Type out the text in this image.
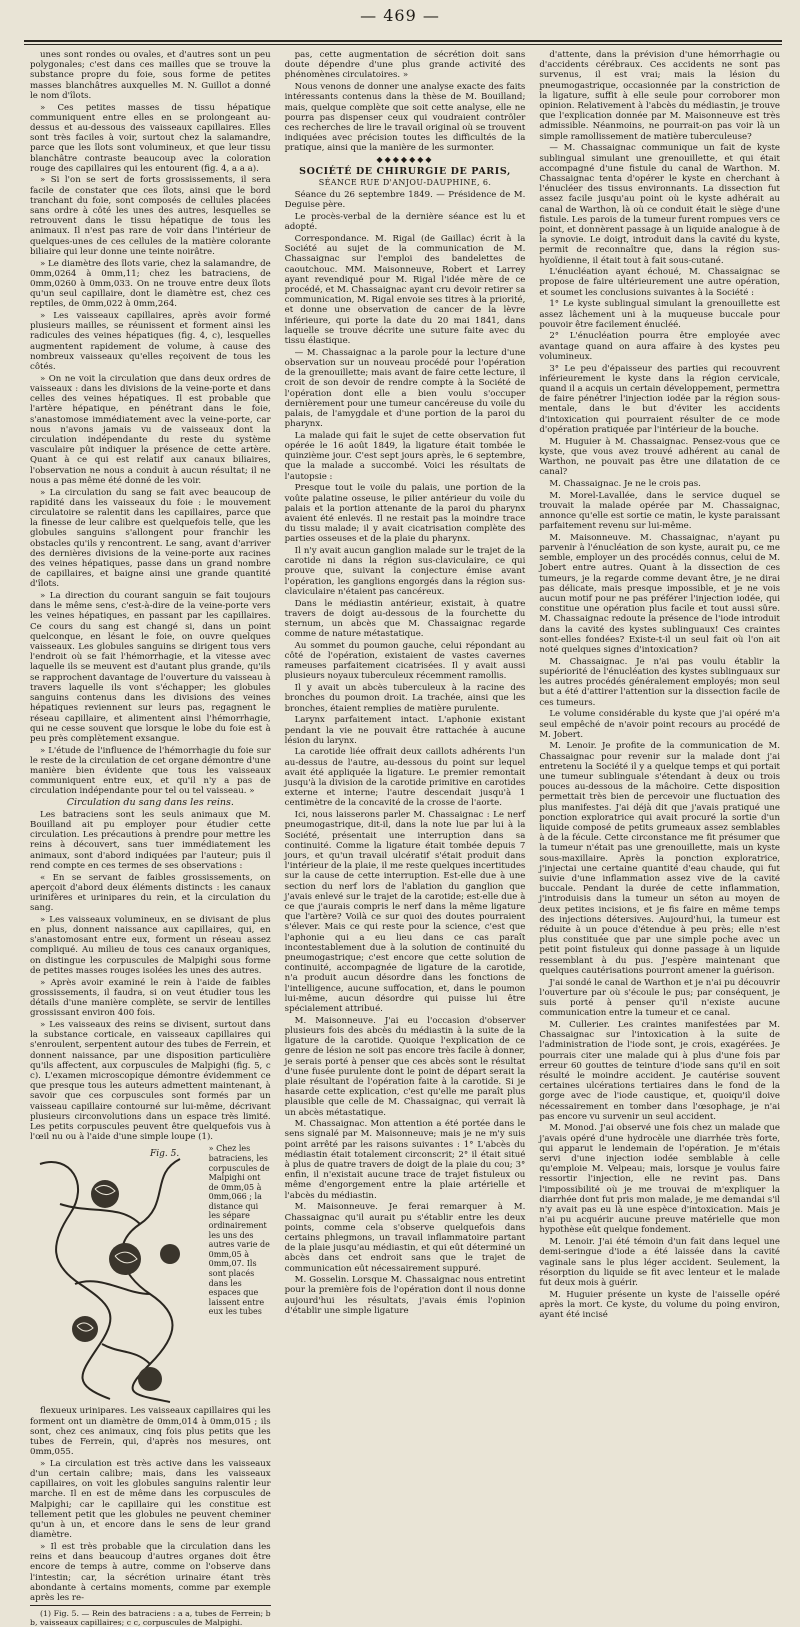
— 469 —

unes sont rondes ou ovales, et d'autres sont un peu polygonales; c'est dans ces mailles que se trouve la substance propre du foie, sous forme de petites masses blanchâtres auxquelles M. N. Guillot a donné le nom d'îlots.

» Ces petites masses de tissu hépatique communiquent entre elles en se prolongeant au-dessus et au-dessous des vaisseaux capillaires. Elles sont très faciles à voir, surtout chez la salamandre, parce que les îlots sont volumineux, et que leur tissu blanchâtre contraste beaucoup avec la coloration rouge des capillaires qui les entourent (fig. 4, a a a).

» Si l'on se sert de forts grossissements, il sera facile de constater que ces îlots, ainsi que le bord tranchant du foie, sont composés de cellules placées sans ordre à côté les unes des autres, lesquelles se retrouvent dans le tissu hépatique de tous les animaux. Il n'est pas rare de voir dans l'intérieur de quelques-unes de ces cellules de la matière colorante biliaire qui leur donne une teinte noirâtre.

» Le diamètre des îlots varie, chez la salamandre, de 0mm,0264 à 0mm,11; chez les batraciens, de 0mm,0260 à 0mm,033. On ne trouve entre deux îlots qu'un seul capillaire, dont le diamètre est, chez ces reptiles, de 0mm,022 à 0mm,264.

» Les vaisseaux capillaires, après avoir formé plusieurs mailles, se réunissent et forment ainsi les radicules des veines hépatiques (fig. 4, c), lesquelles augmentent rapidement de volume, à cause des nombreux vaisseaux qu'elles reçoivent de tous les côtés.

» On ne voit la circulation que dans deux ordres de vaisseaux : dans les divisions de la veine-porte et dans celles des veines hépatiques. Il est probable que l'artère hépatique, en pénétrant dans le foie, s'anastomose immédiatement avec la veine-porte, car nous n'avons jamais vu de vaisseaux dont la circulation indépendante du reste du système vasculaire pût indiquer la présence de cette artère. Quant à ce qui est relatif aux canaux biliaires, l'observation ne nous a conduit à aucun résultat; il ne nous a pas même été donné de les voir.

» La circulation du sang se fait avec beaucoup de rapidité dans les vaisseaux du foie : le mouvement circulatoire se ralentit dans les capillaires, parce que la finesse de leur calibre est quelquefois telle, que les globules sanguins s'allongent pour franchir les obstacles qu'ils y rencontrent. Le sang, avant d'arriver des dernières divisions de la veine-porte aux racines des veines hépatiques, passe dans un grand nombre de capillaires, et baigne ainsi une grande quantité d'îlots.

» La direction du courant sanguin se fait toujours dans le même sens, c'est-à-dire de la veine-porte vers les veines hépatiques, en passant par les capillaires. Ce cours du sang est changé si, dans un point quelconque, en lésant le foie, on ouvre quelques vaisseaux. Les globules sanguins se dirigent tous vers l'endroit où se fait l'hémorrhagie, et la vitesse avec laquelle ils se meuvent est d'autant plus grande, qu'ils se rapprochent davantage de l'ouverture du vaisseau à travers laquelle ils vont s'échapper; les globules sanguins contenus dans les divisions des veines hépatiques reviennent sur leurs pas, regagnent le réseau capillaire, et alimentent ainsi l'hémorrhagie, qui ne cesse souvent que lorsque le lobe du foie est à peu près complètement exsangue.

» L'étude de l'influence de l'hémorrhagie du foie sur le reste de la circulation de cet organe démontre d'une manière bien évidente que tous les vaisseaux communiquent entre eux, et qu'il n'y a pas de circulation indépendante pour tel ou tel vaisseau. »

Circulation du sang dans les reins.

Les batraciens sont les seuls animaux que M. Bouilland ait pu employer pour étudier cette circulation. Les précautions à prendre pour mettre les reins à découvert, sans tuer immédiatement les animaux, sont d'abord indiquées par l'auteur; puis il rend compte en ces termes de ses observations :

« En se servant de faibles grossissements, on aperçoit d'abord deux éléments distincts : les canaux urinifères et urinipares du rein, et la circulation du sang.

» Les vaisseaux volumineux, en se divisant de plus en plus, donnent naissance aux capillaires, qui, en s'anastomosant entre eux, forment un réseau assez compliqué. Au milieu de tous ces canaux organiques, on distingue les corpuscules de Malpighi sous forme de petites masses rouges isolées les unes des autres.

» Après avoir examiné le rein à l'aide de faibles grossissements, il faudra, si on veut étudier tous les détails d'une manière complète, se servir de lentilles grossissant environ 400 fois.

» Les vaisseaux des reins se divisent, surtout dans la substance corticale, en vaisseaux capillaires qui s'enroulent, serpentent autour des tubes de Ferrein, et donnent naissance, par une disposition particulière qu'ils affectent, aux corpuscules de Malpighi (fig. 5, c c). L'examen microscopique démontre évidemment ce que presque tous les auteurs admettent maintenant, à savoir que ces corpuscules sont formés par un vaisseau capillaire contourné sur lui-même, décrivant plusieurs circonvolutions dans un espace très limité. Les petits corpuscules peuvent être quelquefois vus à l'œil nu ou à l'aide d'une simple loupe (1).

Fig. 5.
» Chez les batraciens, les corpuscules de Malpighi ont de 0mm,05 à 0mm,066 ; la distance qui les sépare ordinairement les uns des autres varie de 0mm,05 à 0mm,07. Ils sont placés dans les espaces que laissent entre eux les tubes

flexueux urinipares. Les vaisseaux capillaires qui les forment ont un diamètre de 0mm,014 à 0mm,015 ; ils sont, chez ces animaux, cinq fois plus petits que les tubes de Ferrein, qui, d'après nos mesures, ont 0mm,055.

» La circulation est très active dans les vaisseaux d'un certain calibre; mais, dans les vaisseaux capillaires, on voit les globules sanguins ralentir leur marche. Il en est de même dans les corpuscules de Malpighi; car le capillaire qui les constitue est tellement petit que les globules ne peuvent cheminer qu'un à un, et encore dans le sens de leur grand diamètre.

» Il est très probable que la circulation dans les reins et dans beaucoup d'autres organes doit être encore de temps à autre, comme on l'observe dans l'intestin; car, la sécrétion urinaire étant très abondante à certains moments, comme par exemple après les re-

(1) Fig. 5. — Rein des batraciens : a a, tubes de Ferrein; b b, vaisseaux capillaires; c c, corpuscules de Malpighi.

pas, cette augmentation de sécrétion doit sans doute dépendre d'une plus grande activité des phénomènes circulatoires. »

Nous venons de donner une analyse exacte des faits intéressants contenus dans la thèse de M. Bouilland; mais, quelque complète que soit cette analyse, elle ne pourra pas dispenser ceux qui voudraient contrôler ces recherches de lire le travail original où se trouvent indiquées avec précision toutes les difficultés de la pratique, ainsi que la manière de les surmonter.

◆◆◆◆◆◆◆

SOCIÉTÉ DE CHIRURGIE DE PARIS,

SÉANCE RUE D'ANJOU-DAUPHINE, 6.

Séance du 26 septembre 1849. — Présidence de M. Deguise père.

Le procès-verbal de la dernière séance est lu et adopté.

Correspondance. M. Rigal (de Gaillac) écrit à la Société au sujet de la communication de M. Chassaignac sur l'emploi des bandelettes de caoutchouc. MM. Maisonneuve, Robert et Larrey ayant revendiqué pour M. Rigal l'idée mère de ce procédé, et M. Chassaignac ayant cru devoir retirer sa communication, M. Rigal envoie ses titres à la priorité, et donne une observation de cancer de la lèvre inférieure, qui porte la date du 20 mai 1841, dans laquelle se trouve décrite une suture faite avec du tissu élastique.

— M. Chassaignac a la parole pour la lecture d'une observation sur un nouveau procédé pour l'opération de la grenouillette; mais avant de faire cette lecture, il croit de son devoir de rendre compte à la Société de l'opération dont elle a bien voulu s'occuper dernièrement pour une tumeur cancéreuse du voile du palais, de l'amygdale et d'une portion de la paroi du pharynx.

La malade qui fait le sujet de cette observation fut opérée le 16 août 1849, la ligature était tombée le quinzième jour. C'est sept jours après, le 6 septembre, que la malade a succombé. Voici les résultats de l'autopsie :

Presque tout le voile du palais, une portion de la voûte palatine osseuse, le pilier antérieur du voile du palais et la portion attenante de la paroi du pharynx avaient été enlevés. Il ne restait pas la moindre trace du tissu malade; il y avait cicatrisation complète des parties osseuses et de la plaie du pharynx.

Il n'y avait aucun ganglion malade sur le trajet de la carotide ni dans la région sus-claviculaire, ce qui prouve que, suivant la conjecture émise avant l'opération, les ganglions engorgés dans la région sus-claviculaire n'étaient pas cancéreux.

Dans le médiastin antérieur, existait, à quatre travers de doigt au-dessous de la fourchette du sternum, un abcès que M. Chassaignac regarde comme de nature métastatique.

Au sommet du poumon gauche, celui répondant au côté de l'opération, existaient de vastes cavernes rameuses parfaitement cicatrisées. Il y avait aussi plusieurs noyaux tuberculeux récemment ramollis.

Il y avait un abcès tuberculeux à la racine des bronches du poumon droit. La trachée, ainsi que les bronches, étaient remplies de matière purulente.

Larynx parfaitement intact. L'aphonie existant pendant la vie ne pouvait être rattachée à aucune lésion du larynx.

La carotide liée offrait deux caillots adhérents l'un au-dessus de l'autre, au-dessous du point sur lequel avait été appliquée la ligature. Le premier remontait jusqu'à la division de la carotide primitive en carotides externe et interne; l'autre descendait jusqu'à 1 centimètre de la concavité de la crosse de l'aorte.

Ici, nous laisserons parler M. Chassaignac : Le nerf pneumogastrique, dit-il, dans la note lue par lui à la Société, présentait une interruption dans sa continuité. Comme la ligature était tombée depuis 7 jours, et qu'un travail ulcératif s'était produit dans l'intérieur de la plaie, il me reste quelques incertitudes sur la cause de cette interruption. Est-elle due à une section du nerf lors de l'ablation du ganglion que j'avais enlevé sur le trajet de la carotide; est-elle due à ce que j'aurais compris le nerf dans la même ligature que l'artère? Voilà ce sur quoi des doutes pourraient s'élever. Mais ce qui reste pour la science, c'est que l'aphonie qui a eu lieu dans ce cas paraît incontestablement due à la solution de continuité du pneumogastrique; c'est encore que cette solution de continuité, accompagnée de ligature de la carotide, n'a produit aucun désordre dans les fonctions de l'intelligence, aucune suffocation, et, dans le poumon lui-même, aucun désordre qui puisse lui être spécialement attribué.

M. Maisonneuve. J'ai eu l'occasion d'observer plusieurs fois des abcès du médiastin à la suite de la ligature de la carotide. Quoique l'explication de ce genre de lésion ne soit pas encore très facile à donner, je serais porté à penser que ces abcès sont le résultat d'une fusée purulente dont le point de départ serait la plaie résultant de l'opération faite à la carotide. Si je hasarde cette explication, c'est qu'elle me paraît plus plausible que celle de M. Chassaignac, qui verrait là un abcès métastatique.

M. Chassaignac. Mon attention a été portée dans le sens signalé par M. Maisonneuve; mais je ne m'y suis point arrêté par les raisons suivantes : 1° L'abcès du médiastin était totalement circonscrit; 2° il était situé à plus de quatre travers de doigt de la plaie du cou; 3° enfin, il n'existait aucune trace de trajet fistuleux ou même d'engorgement entre la plaie artérielle et l'abcès du médiastin.

M. Maisonneuve. Je ferai remarquer à M. Chassaignac qu'il aurait pu s'établir entre les deux points, comme cela s'observe quelquefois dans certains phlegmons, un travail inflammatoire partant de la plaie jusqu'au médiastin, et qui eût déterminé un abcès dans cet endroit sans que le trajet de communication eût nécessairement suppuré.

M. Gosselin. Lorsque M. Chassaignac nous entretint pour la première fois de l'opération dont il nous donne aujourd'hui les résultats, j'avais émis l'opinion d'établir une simple ligature

d'attente, dans la prévision d'une hémorrhagie ou d'accidents cérébraux. Ces accidents ne sont pas survenus, il est vrai; mais la lésion du pneumogastrique, occasionnée par la constriction de la ligature, suffit à elle seule pour corroborer mon opinion. Relativement à l'abcès du médiastin, je trouve que l'explication donnée par M. Maisonneuve est très admissible. Néanmoins, ne pourrait-on pas voir là un simple ramollissement de matière tuberculeuse?

— M. Chassaignac communique un fait de kyste sublingual simulant une grenouillette, et qui était accompagné d'une fistule du canal de Warthon. M. Chassaignac tenta d'opérer le kyste en cherchant à l'énucléer des tissus environnants. La dissection fut assez facile jusqu'au point où le kyste adhérait au canal de Warthon, là où ce conduit était le siège d'une fistule. Les parois de la tumeur furent rompues vers ce point, et donnèrent passage à un liquide analogue à de la synovie. Le doigt, introduit dans la cavité du kyste, permit de reconnaître que, dans la région sus-hyoïdienne, il était tout à fait sous-cutané.

L'énucléation ayant échoué, M. Chassaignac se propose de faire ultérieurement une autre opération, et soumet les conclusions suivantes à la Société :

1° Le kyste sublingual simulant la grenouillette est assez lâchement uni à la muqueuse buccale pour pouvoir être facilement énucléé.

2° L'énucléation pourra être employée avec avantage quand on aura affaire à des kystes peu volumineux.

3° Le peu d'épaisseur des parties qui recouvrent inférieurement le kyste dans la région cervicale, quand il a acquis un certain développement, permettra de faire pénétrer l'injection iodée par la région sous-mentale, dans le but d'éviter les accidents d'intoxication qui pourraient résulter de ce mode d'opération pratiquée par l'intérieur de la bouche.

M. Huguier à M. Chassaignac. Pensez-vous que ce kyste, que vous avez trouvé adhérent au canal de Warthon, ne pouvait pas être une dilatation de ce canal?

M. Chassaignac. Je ne le crois pas.

M. Morel-Lavallée, dans le service duquel se trouvait la malade opérée par M. Chassaignac, annonce qu'elle est sortie ce matin, le kyste paraissant parfaitement revenu sur lui-même.

M. Maisonneuve. M. Chassaignac, n'ayant pu parvenir à l'énucléation de son kyste, aurait pu, ce me semble, employer un des procédés connus, celui de M. Jobert entre autres. Quant à la dissection de ces tumeurs, je la regarde comme devant être, je ne dirai pas délicate, mais presque impossible, et je ne vois aucun motif pour ne pas préférer l'injection iodée, qui constitue une opération plus facile et tout aussi sûre. M. Chassaignac redoute la présence de l'iode introduit dans la cavité des kystes sublinguaux! Ces craintes sont-elles fondées? Existe-t-il un seul fait où l'on ait noté quelques signes d'intoxication?

M. Chassaignac. Je n'ai pas voulu établir la supériorité de l'énucléation des kystes sublinguaux sur les autres procédés généralement employés; mon seul but a été d'attirer l'attention sur la dissection facile de ces tumeurs.

Le volume considérable du kyste que j'ai opéré m'a seul empêché de n'avoir point recours au procédé de M. Jobert.

M. Lenoir. Je profite de la communication de M. Chassaignac pour revenir sur la malade dont j'ai entretenu la Société il y a quelque temps et qui portait une tumeur sublinguale s'étendant à deux ou trois pouces au-dessous de la mâchoire. Cette disposition permettait très bien de percevoir une fluctuation des plus manifestes. J'ai déjà dit que j'avais pratiqué une ponction exploratrice qui avait procuré la sortie d'un liquide composé de petits grumeaux assez semblables à de la fécule. Cette circonstance me fit présumer que la tumeur n'était pas une grenouillette, mais un kyste sous-maxillaire. Après la ponction exploratrice, j'injectai une certaine quantité d'eau chaude, qui fut suivie d'une inflammation assez vive de la cavité buccale. Pendant la durée de cette inflammation, j'introduisis dans la tumeur un séton au moyen de deux petites incisions, et je fis faire en même temps des injections détersives. Aujourd'hui, la tumeur est réduite à un pouce d'étendue à peu près; elle n'est plus constituée que par une simple poche avec un petit point fistuleux qui donne passage à un liquide ressemblant à du pus. J'espère maintenant que quelques cautérisations pourront amener la guérison.

J'ai sondé le canal de Warthon et je n'ai pu découvrir l'ouverture par où s'écoule le pus; par conséquent, je suis porté à penser qu'il n'existe aucune communication entre la tumeur et ce canal.

M. Cullerier. Les craintes manifestées par M. Chassaignac sur l'intoxication à la suite de l'administration de l'iode sont, je crois, exagérées. Je pourrais citer une malade qui à plus d'une fois par erreur 60 gouttes de teinture d'iode sans qu'il en soit résulté le moindre accident. Je cautérise souvent certaines ulcérations tertiaires dans le fond de la gorge avec de l'iode caustique, et, quoiqu'il doive nécessairement en tomber dans l'œsophage, je n'ai pas encore vu survenir un seul accident.

M. Monod. J'ai observé une fois chez un malade que j'avais opéré d'une hydrocèle une diarrhée très forte, qui apparut le lendemain de l'opération. Je m'étais servi d'une injection iodée semblable à celle qu'emploie M. Velpeau; mais, lorsque je voulus faire ressortir l'injection, elle ne revint pas. Dans l'impossibilité où je me trouvai de m'expliquer la diarrhée dont fut pris mon malade, je me demandai s'il n'y avait pas eu là une espèce d'intoxication. Mais je n'ai pu acquérir aucune preuve matérielle que mon hypothèse eût quelque fondement.

M. Lenoir. J'ai été témoin d'un fait dans lequel une demi-seringue d'iode a été laissée dans la cavité vaginale sans le plus léger accident. Seulement, la résorption du liquide se fit avec lenteur et le malade fut deux mois à guérir.

M. Huguier présente un kyste de l'aisselle opéré après la mort. Ce kyste, du volume du poing environ, ayant été incisé
